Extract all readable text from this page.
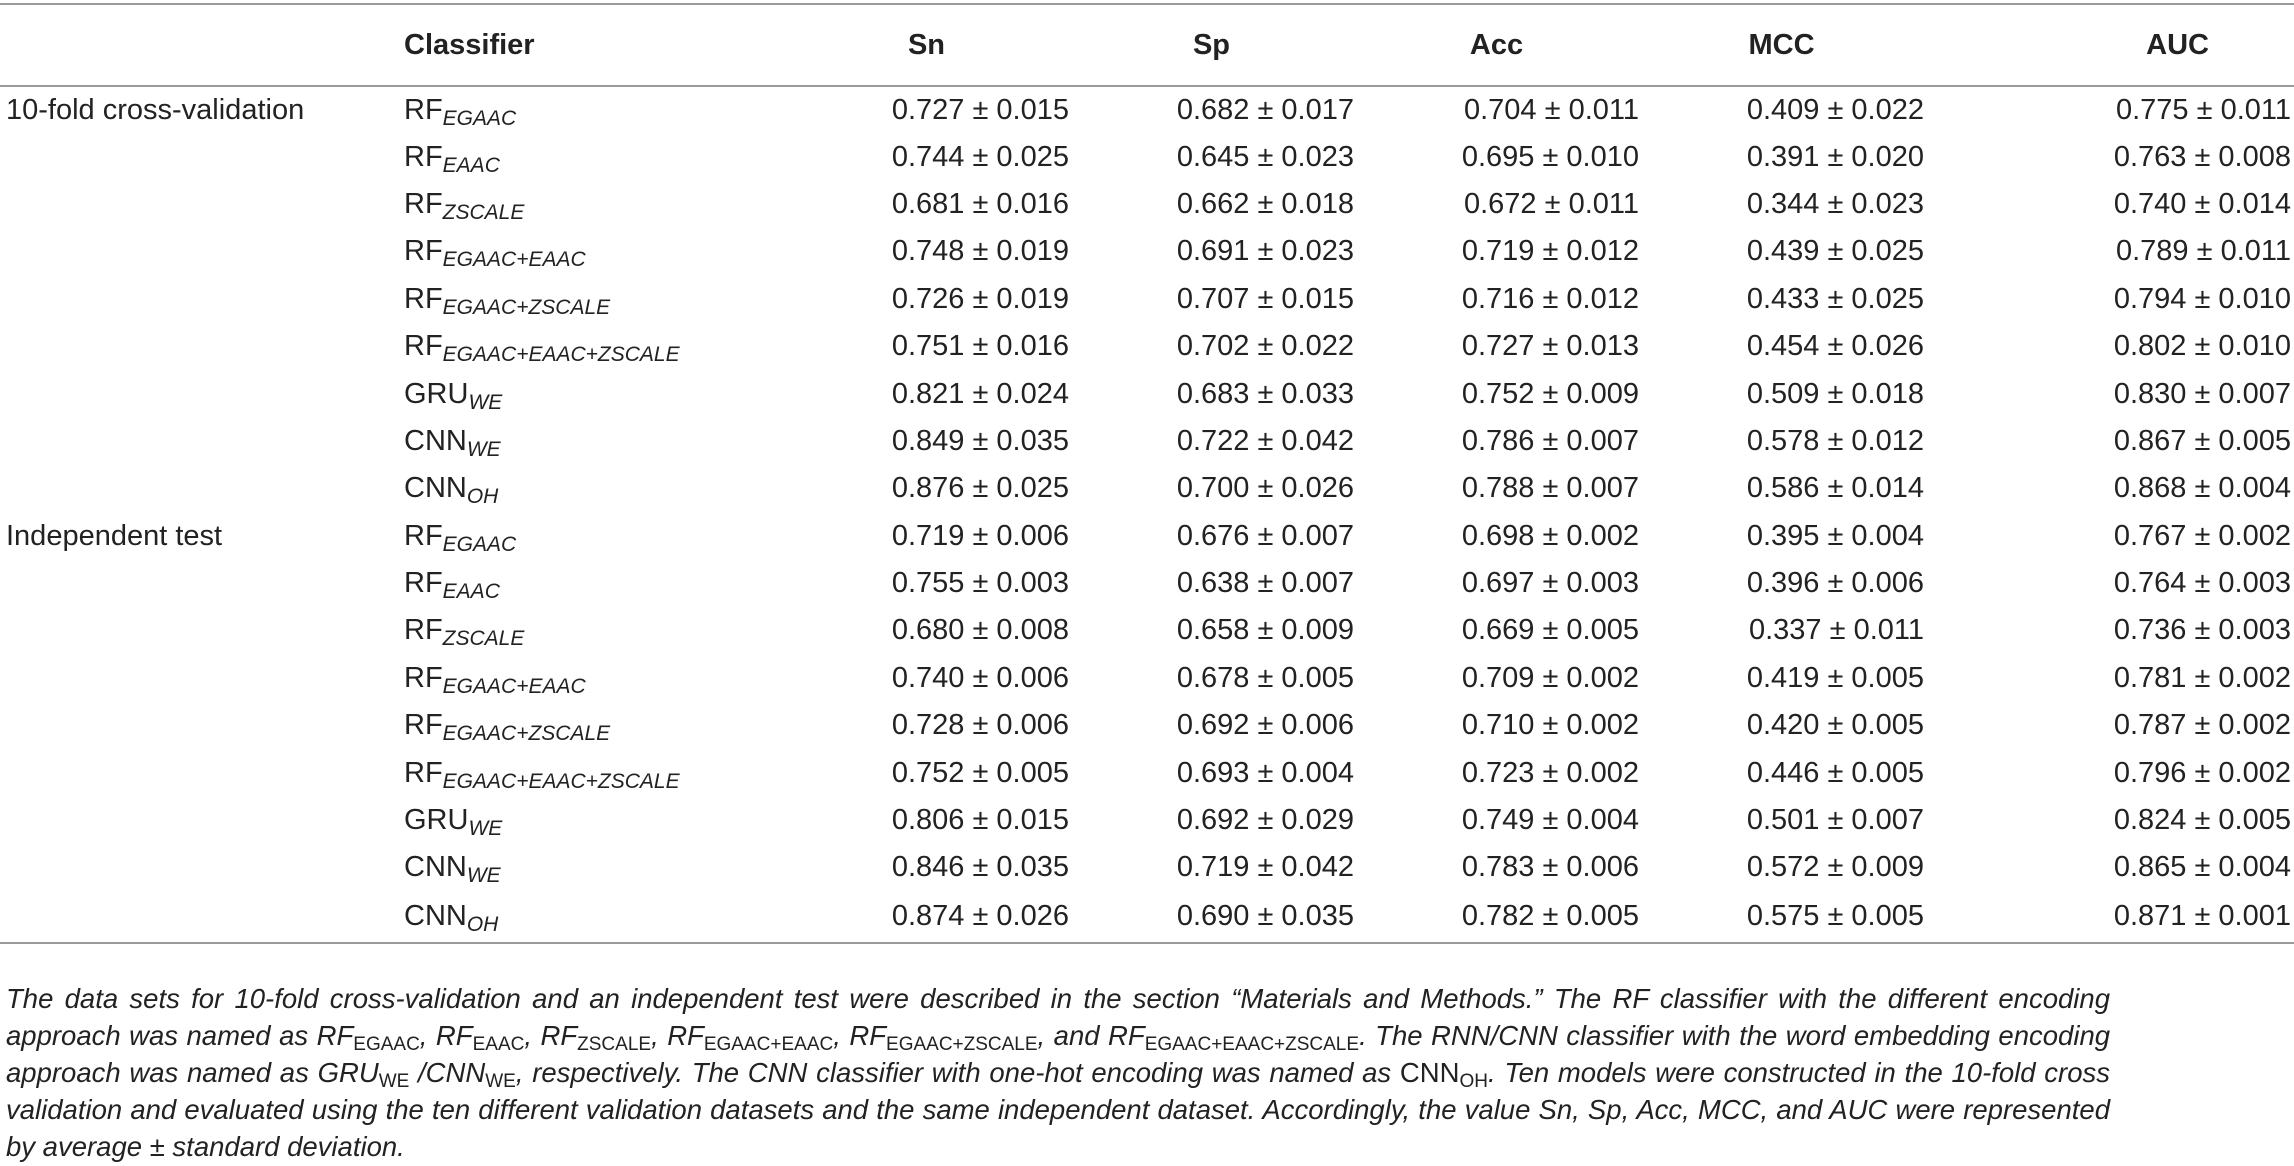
	Classifier	Sn	Sp	Acc	MCC	AUC
10-fold cross-validation	$RF_{EGAAC}$	0.727 ± 0.015	0.682 ± 0.017	0.704 ± 0.011	0.409 ± 0.022	0.775 ± 0.011
	$RF_{EAAC}$	0.744 ± 0.025	0.645 ± 0.023	0.695 ± 0.010	0.391 ± 0.020	0.763 ± 0.008
	$RF_{ZSCALE}$	0.681 ± 0.016	0.662 ± 0.018	0.672 ± 0.011	0.344 ± 0.023	0.740 ± 0.014
	$RF_{EGAAC+EAAC}$	0.748 ± 0.019	0.691 ± 0.023	0.719 ± 0.012	0.439 ± 0.025	0.789 ± 0.011
	$RF_{EGAAC+ZSCALE}$	0.726 ± 0.019	0.707 ± 0.015	0.716 ± 0.012	0.433 ± 0.025	0.794 ± 0.010
	$RF_{EGAAC+EAAC+ZSCALE}$	0.751 ± 0.016	0.702 ± 0.022	0.727 ± 0.013	0.454 ± 0.026	0.802 ± 0.010
	$GRU_{WE}$	0.821 ± 0.024	0.683 ± 0.033	0.752 ± 0.009	0.509 ± 0.018	0.830 ± 0.007
	$CNN_{WE}$	0.849 ± 0.035	0.722 ± 0.042	0.786 ± 0.007	0.578 ± 0.012	0.867 ± 0.005
	$CNN_{OH}$	0.876 ± 0.025	0.700 ± 0.026	0.788 ± 0.007	0.586 ± 0.014	0.868 ± 0.004
Independent test	$RF_{EGAAC}$	0.719 ± 0.006	0.676 ± 0.007	0.698 ± 0.002	0.395 ± 0.004	0.767 ± 0.002
	$RF_{EAAC}$	0.755 ± 0.003	0.638 ± 0.007	0.697 ± 0.003	0.396 ± 0.006	0.764 ± 0.003
	$RF_{ZSCALE}$	0.680 ± 0.008	0.658 ± 0.009	0.669 ± 0.005	0.337 ± 0.011	0.736 ± 0.003
	$RF_{EGAAC+EAAC}$	0.740 ± 0.006	0.678 ± 0.005	0.709 ± 0.002	0.419 ± 0.005	0.781 ± 0.002
	$RF_{EGAAC+ZSCALE}$	0.728 ± 0.006	0.692 ± 0.006	0.710 ± 0.002	0.420 ± 0.005	0.787 ± 0.002
	$RF_{EGAAC+EAAC+ZSCALE}$	0.752 ± 0.005	0.693 ± 0.004	0.723 ± 0.002	0.446 ± 0.005	0.796 ± 0.002
	$GRU_{WE}$	0.806 ± 0.015	0.692 ± 0.029	0.749 ± 0.004	0.501 ± 0.007	0.824 ± 0.005
	$CNN_{WE}$	0.846 ± 0.035	0.719 ± 0.042	0.783 ± 0.006	0.572 ± 0.009	0.865 ± 0.004
	$CNN_{OH}$	0.874 ± 0.026	0.690 ± 0.035	0.782 ± 0.005	0.575 ± 0.005	0.871 ± 0.001

The data sets for 10-fold cross-validation and an independent test were described in the section “Materials and Methods.” The RF classifier with the different encoding approach was named as $RF_{EGAAC}$, $RF_{EAAC}$, $RF_{ZSCALE}$, $RF_{EGAAC+EAAC}$, $RF_{EGAAC+ZSCALE}$, and $RF_{EGAAC+EAAC+ZSCALE}$. The RNN/CNN classifier with the word embedding encoding approach was named as $GRU_{WE}$ $/CNN_{WE}$, respectively. The CNN classifier with one-hot encoding was named as $CNN_{OH}$. Ten models were constructed in the 10-fold cross validation and evaluated using the ten different validation datasets and the same independent dataset. Accordingly, the value Sn, Sp, Acc, MCC, and AUC were represented by average ± standard deviation.
